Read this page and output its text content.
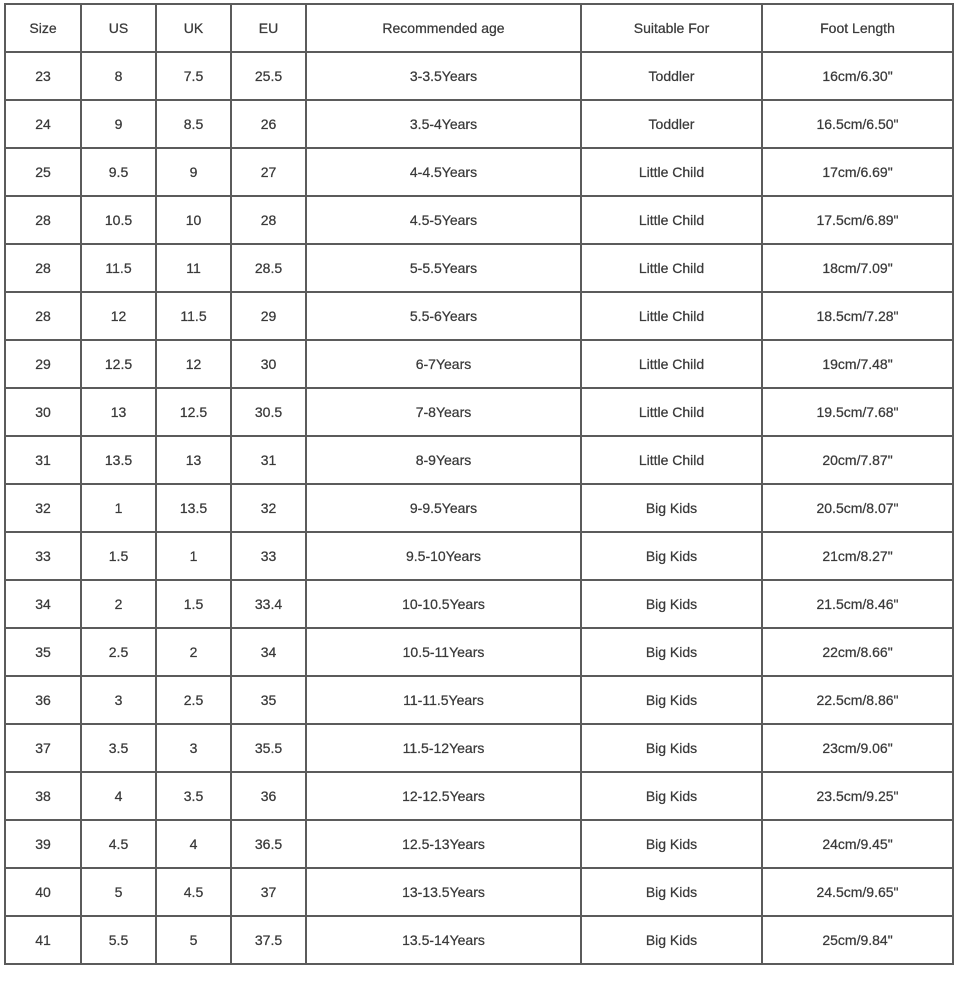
Size	US	UK	EU	Recommended age	Suitable For	Foot Length
23	8	7.5	25.5	3-3.5Years	Toddler	16cm/6.30"
24	9	8.5	26	3.5-4Years	Toddler	16.5cm/6.50"
25	9.5	9	27	4-4.5Years	Little Child	17cm/6.69"
28	10.5	10	28	4.5-5Years	Little Child	17.5cm/6.89"
28	11.5	11	28.5	5-5.5Years	Little Child	18cm/7.09"
28	12	11.5	29	5.5-6Years	Little Child	18.5cm/7.28"
29	12.5	12	30	6-7Years	Little Child	19cm/7.48"
30	13	12.5	30.5	7-8Years	Little Child	19.5cm/7.68"
31	13.5	13	31	8-9Years	Little Child	20cm/7.87"
32	1	13.5	32	9-9.5Years	Big Kids	20.5cm/8.07"
33	1.5	1	33	9.5-10Years	Big Kids	21cm/8.27"
34	2	1.5	33.4	10-10.5Years	Big Kids	21.5cm/8.46"
35	2.5	2	34	10.5-11Years	Big Kids	22cm/8.66"
36	3	2.5	35	11-11.5Years	Big Kids	22.5cm/8.86"
37	3.5	3	35.5	11.5-12Years	Big Kids	23cm/9.06"
38	4	3.5	36	12-12.5Years	Big Kids	23.5cm/9.25"
39	4.5	4	36.5	12.5-13Years	Big Kids	24cm/9.45"
40	5	4.5	37	13-13.5Years	Big Kids	24.5cm/9.65"
41	5.5	5	37.5	13.5-14Years	Big Kids	25cm/9.84"
